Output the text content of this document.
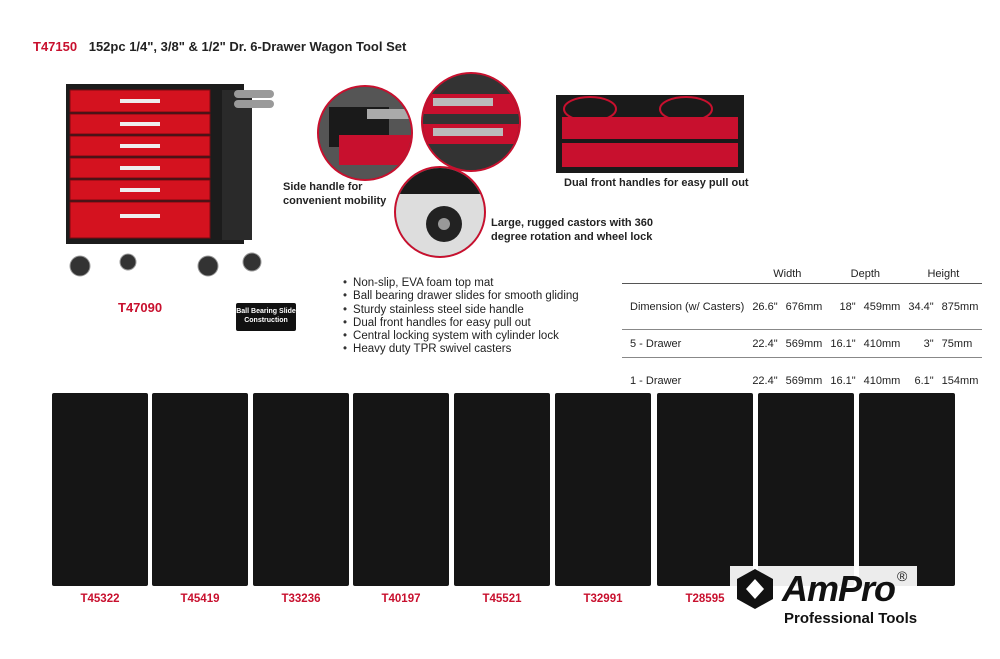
T47150 152pc 1/4", 3/8" & 1/2" Dr. 6-Drawer Wagon Tool Set
T47090	Ball Bearing Slide
Construction
Side handle for convenient mobility
Large, rugged castors with 360 degree rotation and wheel lock
Dual front handles for easy pull out
• Non-slip, EVA foam top mat
• Ball bearing drawer slides for smooth gliding
• Sturdy stainless steel side handle
• Dual front handles for easy pull out
• Central locking system with cylinder lock
• Heavy duty TPR swivel casters
	Width		Depth		Height	
Dimension (w/ Casters)	26.6"	676mm	18"	459mm	34.4"	875mm
5 - Drawer	22.4"	569mm	16.1"	410mm	3"	75mm
1 - Drawer	22.4"	569mm	16.1"	410mm	6.1"	154mm
T45322	T45419	T33236	T40197	T45521	T32991	T28595	AmPro ®
Professional Tools
